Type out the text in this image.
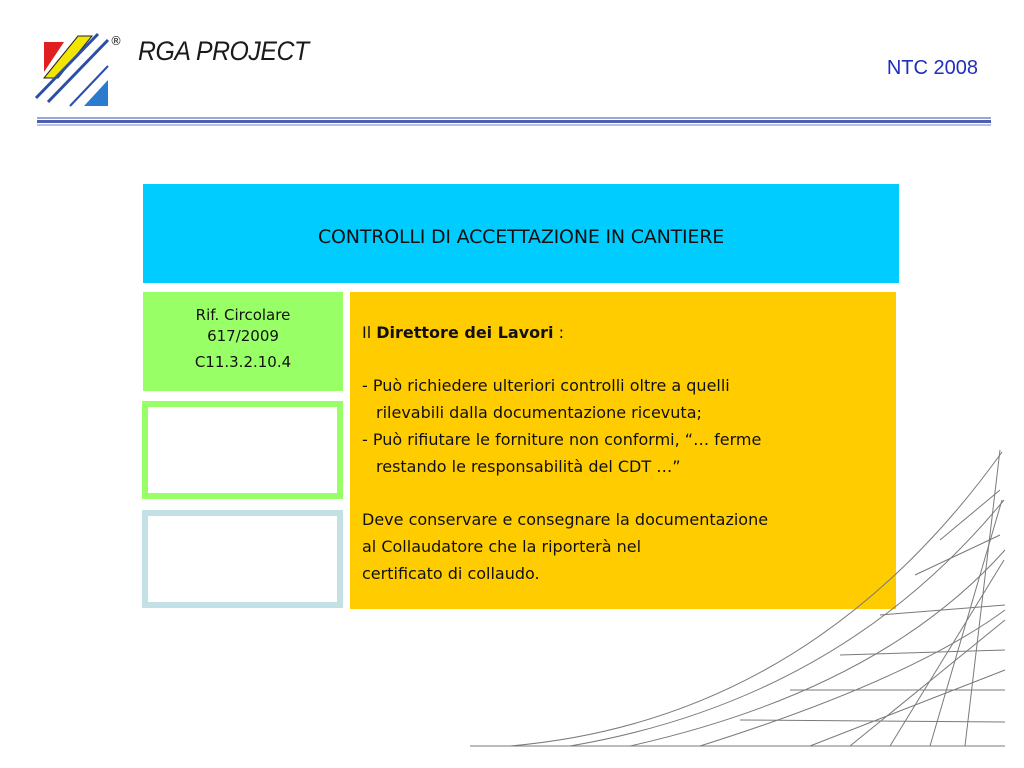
® RGA PROJECT
NTC 2008
CONTROLLI DI ACCETTAZIONE IN CANTIERE
Rif. Circolare
617/2009
C11.3.2.10.4

Il Direttore dei Lavori :

- Può richiedere ulteriori controlli oltre a quelli

rilevabili dalla documentazione ricevuta;

- Può rifiutare le forniture non conformi, “… ferme

restando le responsabilità del CDT …”

Deve conservare e consegnare la documentazione

al Collaudatore che la riporterà nel

certificato di collaudo.
